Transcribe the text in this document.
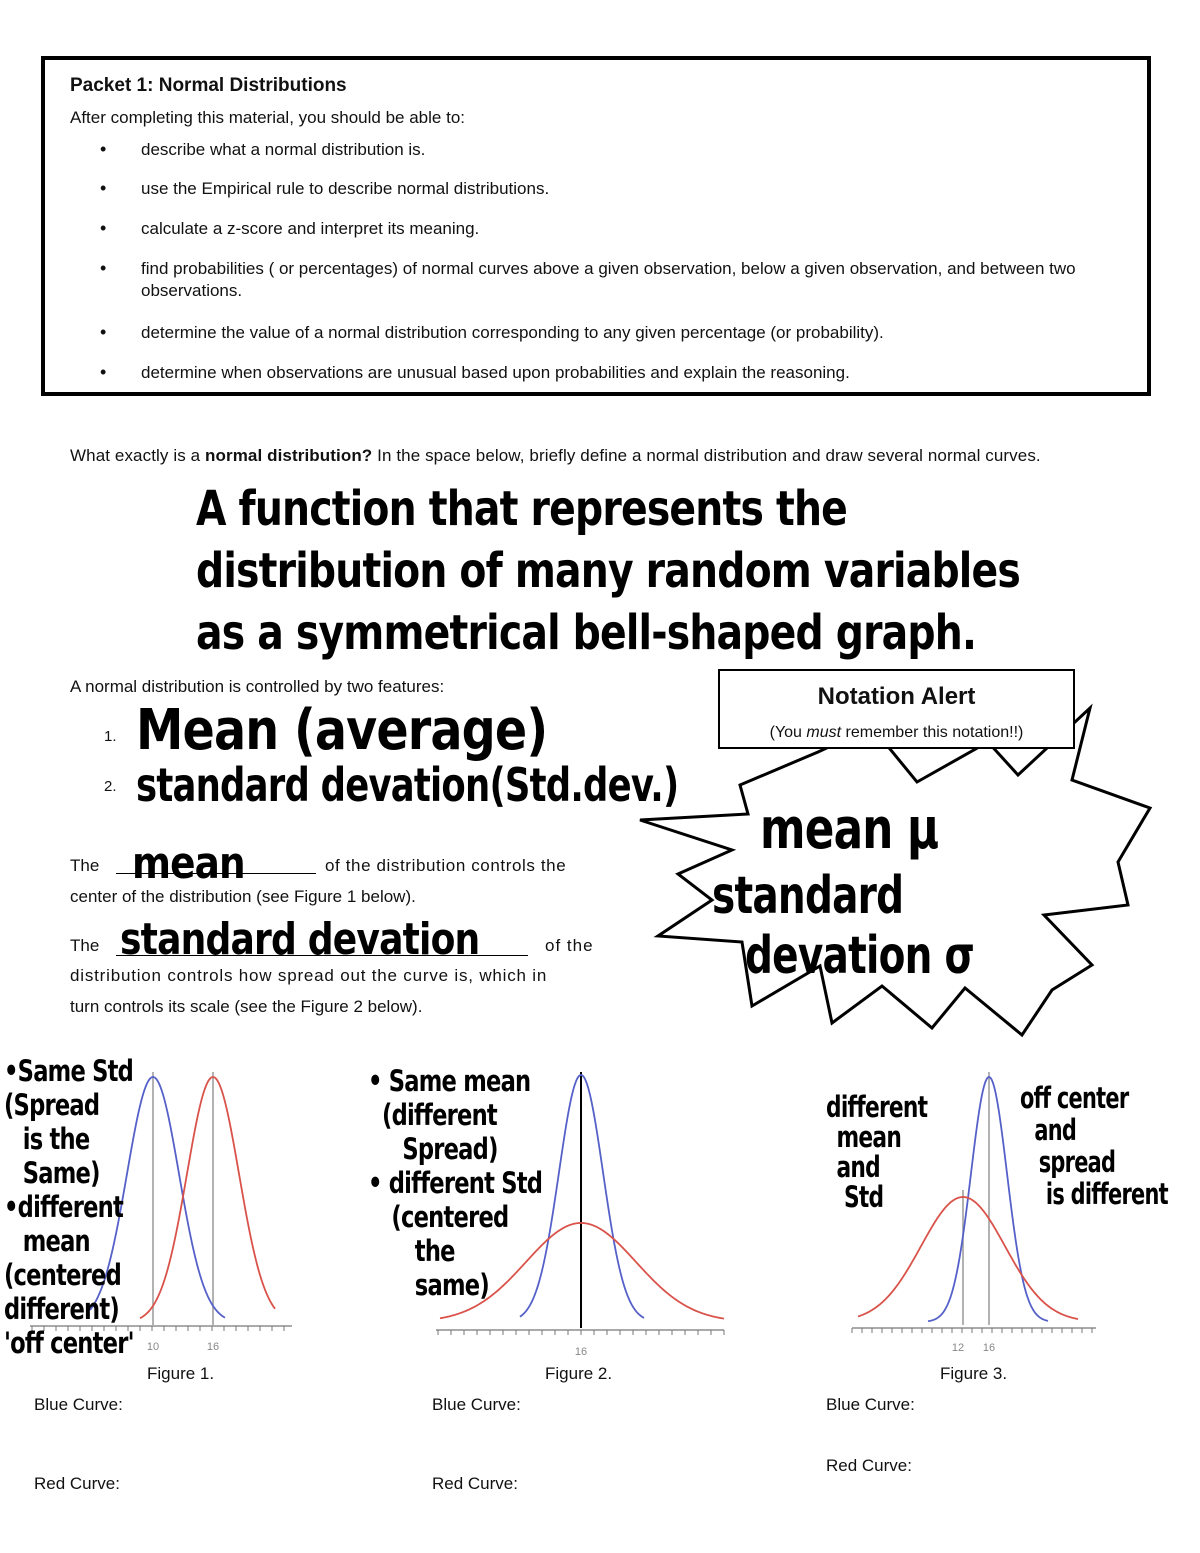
Packet 1: Normal Distributions
After completing this material, you should be able to:
• describe what a normal distribution is.
• use the Empirical rule to describe normal distributions.
• calculate a z-score and interpret its meaning.
• find probabilities ( or percentages) of normal curves above a given observation, below a given observation, and between two observations.
• determine the value of a normal distribution corresponding to any given percentage (or probability).
• determine when observations are unusual based upon probabilities and explain the reasoning.
What exactly is a normal distribution? In the space below, briefly define a normal distribution and draw several normal curves.
A function that represents the
distribution of many random variables
as a symmetrical bell-shaped graph.
A normal distribution is controlled by two features:
1.
2.
Mean (average)
standard devation(Std.dev.)
Notation Alert
(You must remember this notation!!)
mean μ
standard
devation σ
The mean	of the distribution controls the
center of the distribution (see Figure 1 below).
The standard devation	of the
distribution controls how spread out the curve is, which in
turn controls its scale (see the Figure 2 below).
10	16
•Same Std
(Spread
is the
Same)
•different
mean
(centered
different)
'off center'
Figure 1.
Blue Curve:
Red Curve:
16
• Same mean
(different
Spread)
• different Std
(centered
the
same)
Figure 2.
Blue Curve:
Red Curve:
12 16
different
mean
and
Std
off center
and
spread
is different
Figure 3.
Blue Curve:
Red Curve:
